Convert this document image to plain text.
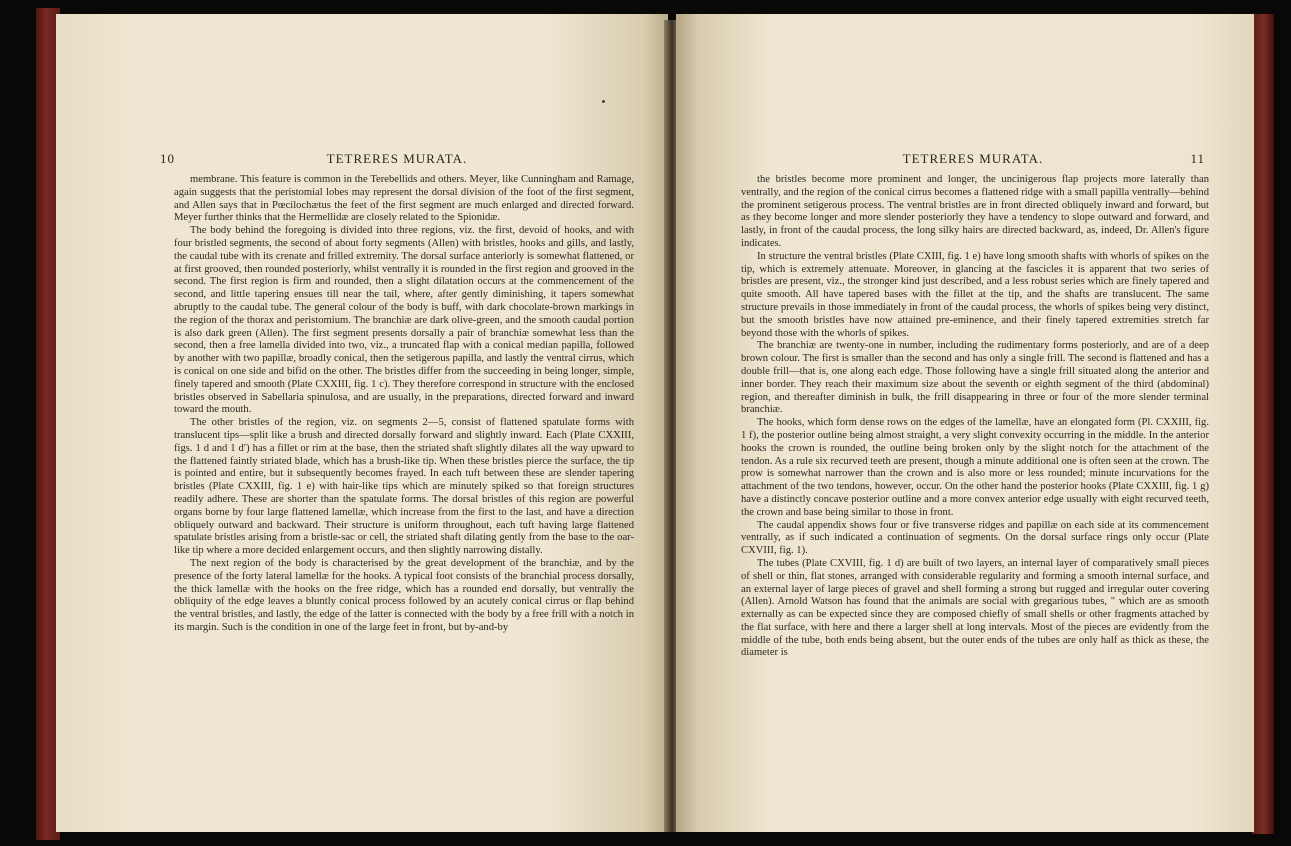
10	TETRERES MURATA.

membrane. This feature is common in the Terebellids and others. Meyer, like Cunningham and Ramage, again suggests that the peristomial lobes may represent the dorsal division of the foot of the first segment, and Allen says that in Pœcilochætus the feet of the first segment are much enlarged and directed forward. Meyer further thinks that the Hermellidæ are closely related to the Spionidæ.

The body behind the foregoing is divided into three regions, viz. the first, devoid of hooks, and with four bristled segments, the second of about forty segments (Allen) with bristles, hooks and gills, and lastly, the caudal tube with its crenate and frilled extremity. The dorsal surface anteriorly is somewhat flattened, or at first grooved, then rounded posteriorly, whilst ventrally it is rounded in the first region and grooved in the second. The first region is firm and rounded, then a slight dilatation occurs at the commencement of the second, and little tapering ensues till near the tail, where, after gently diminishing, it tapers somewhat abruptly to the caudal tube. The general colour of the body is buff, with dark chocolate-brown markings in the region of the thorax and peristomium. The branchiæ are dark olive-green, and the smooth caudal portion is also dark green (Allen). The first segment presents dorsally a pair of branchiæ somewhat less than the second, then a free lamella divided into two, viz., a truncated flap with a conical median papilla, followed by another with two papillæ, broadly conical, then the setigerous papilla, and lastly the ventral cirrus, which is conical on one side and bifid on the other. The bristles differ from the succeeding in being longer, simple, finely tapered and smooth (Plate CXXIII, fig. 1 c). They therefore correspond in structure with the enclosed bristles observed in Sabellaria spinulosa, and are usually, in the preparations, directed forward and inward toward the mouth.

The other bristles of the region, viz. on segments 2—5, consist of flattened spatulate forms with translucent tips—split like a brush and directed dorsally forward and slightly inward. Each (Plate CXXIII, figs. 1 d and 1 d′) has a fillet or rim at the base, then the striated shaft slightly dilates all the way upward to the flattened faintly striated blade, which has a brush-like tip. When these bristles pierce the surface, the tip is pointed and entire, but it subsequently becomes frayed. In each tuft between these are slender tapering bristles (Plate CXXIII, fig. 1 e) with hair-like tips which are minutely spiked so that foreign structures readily adhere. These are shorter than the spatulate forms. The dorsal bristles of this region are powerful organs borne by four large flattened lamellæ, which increase from the first to the last, and have a direction obliquely outward and backward. Their structure is uniform throughout, each tuft having large flattened spatulate bristles arising from a bristle-sac or cell, the striated shaft dilating gently from the base to the oar-like tip where a more decided enlargement occurs, and then slightly narrowing distally.

The next region of the body is characterised by the great development of the branchiæ, and by the presence of the forty lateral lamellæ for the hooks. A typical foot consists of the branchial process dorsally, the thick lamellæ with the hooks on the free ridge, which has a rounded end dorsally, but ventrally the obliquity of the edge leaves a bluntly conical process followed by an acutely conical cirrus or flap behind the ventral bristles, and lastly, the edge of the latter is connected with the body by a free frill with a notch in its margin. Such is the condition in one of the large feet in front, but by-and-by

TETRERES MURATA.	11

the bristles become more prominent and longer, the uncinigerous flap projects more laterally than ventrally, and the region of the conical cirrus becomes a flattened ridge with a small papilla ventrally—behind the prominent setigerous process. The ventral bristles are in front directed obliquely inward and forward, but as they become longer and more slender posteriorly they have a tendency to slope outward and forward, and lastly, in front of the caudal process, the long silky hairs are directed backward, as, indeed, Dr. Allen's figure indicates.

In structure the ventral bristles (Plate CXIII, fig. 1 e) have long smooth shafts with whorls of spikes on the tip, which is extremely attenuate. Moreover, in glancing at the fascicles it is apparent that two series of bristles are present, viz., the stronger kind just described, and a less robust series which are finely tapered and quite smooth. All have tapered bases with the fillet at the tip, and the shafts are translucent. The same structure prevails in those immediately in front of the caudal process, the whorls of spikes being very distinct, but the smooth bristles have now attained pre-eminence, and their finely tapered extremities stretch far beyond those with the whorls of spikes.

The branchiæ are twenty-one in number, including the rudimentary forms posteriorly, and are of a deep brown colour. The first is smaller than the second and has only a single frill. The second is flattened and has a double frill—that is, one along each edge. Those following have a single frill situated along the anterior and inner border. They reach their maximum size about the seventh or eighth segment of the third (abdominal) region, and thereafter diminish in bulk, the frill disappearing in three or four of the more slender terminal branchiæ.

The hooks, which form dense rows on the edges of the lamellæ, have an elongated form (Pl. CXXIII, fig. 1 f), the posterior outline being almost straight, a very slight convexity occurring in the middle. In the anterior hooks the crown is rounded, the outline being broken only by the slight notch for the attachment of the tendon. As a rule six recurved teeth are present, though a minute additional one is often seen at the crown. The prow is somewhat narrower than the crown and is also more or less rounded; minute incurvations for the attachment of the two tendons, however, occur. On the other hand the posterior hooks (Plate CXXIII, fig. 1 g) have a distinctly concave posterior outline and a more convex anterior edge usually with eight recurved teeth, the crown and base being similar to those in front.

The caudal appendix shows four or five transverse ridges and papillæ on each side at its commencement ventrally, as if such indicated a continuation of segments. On the dorsal surface rings only occur (Plate CXVIII, fig. 1).

The tubes (Plate CXVIII, fig. 1 d) are built of two layers, an internal layer of comparatively small pieces of shell or thin, flat stones, arranged with considerable regularity and forming a smooth internal surface, and an external layer of large pieces of gravel and shell forming a strong but rugged and irregular outer covering (Allen). Arnold Watson has found that the animals are social with gregarious tubes, " which are as smooth externally as can be expected since they are composed chiefly of small shells or other fragments attached by the flat surface, with here and there a larger shell at long intervals. Most of the pieces are evidently from the middle of the tube, both ends being absent, but the outer ends of the tubes are only half as thick as these, the diameter is
